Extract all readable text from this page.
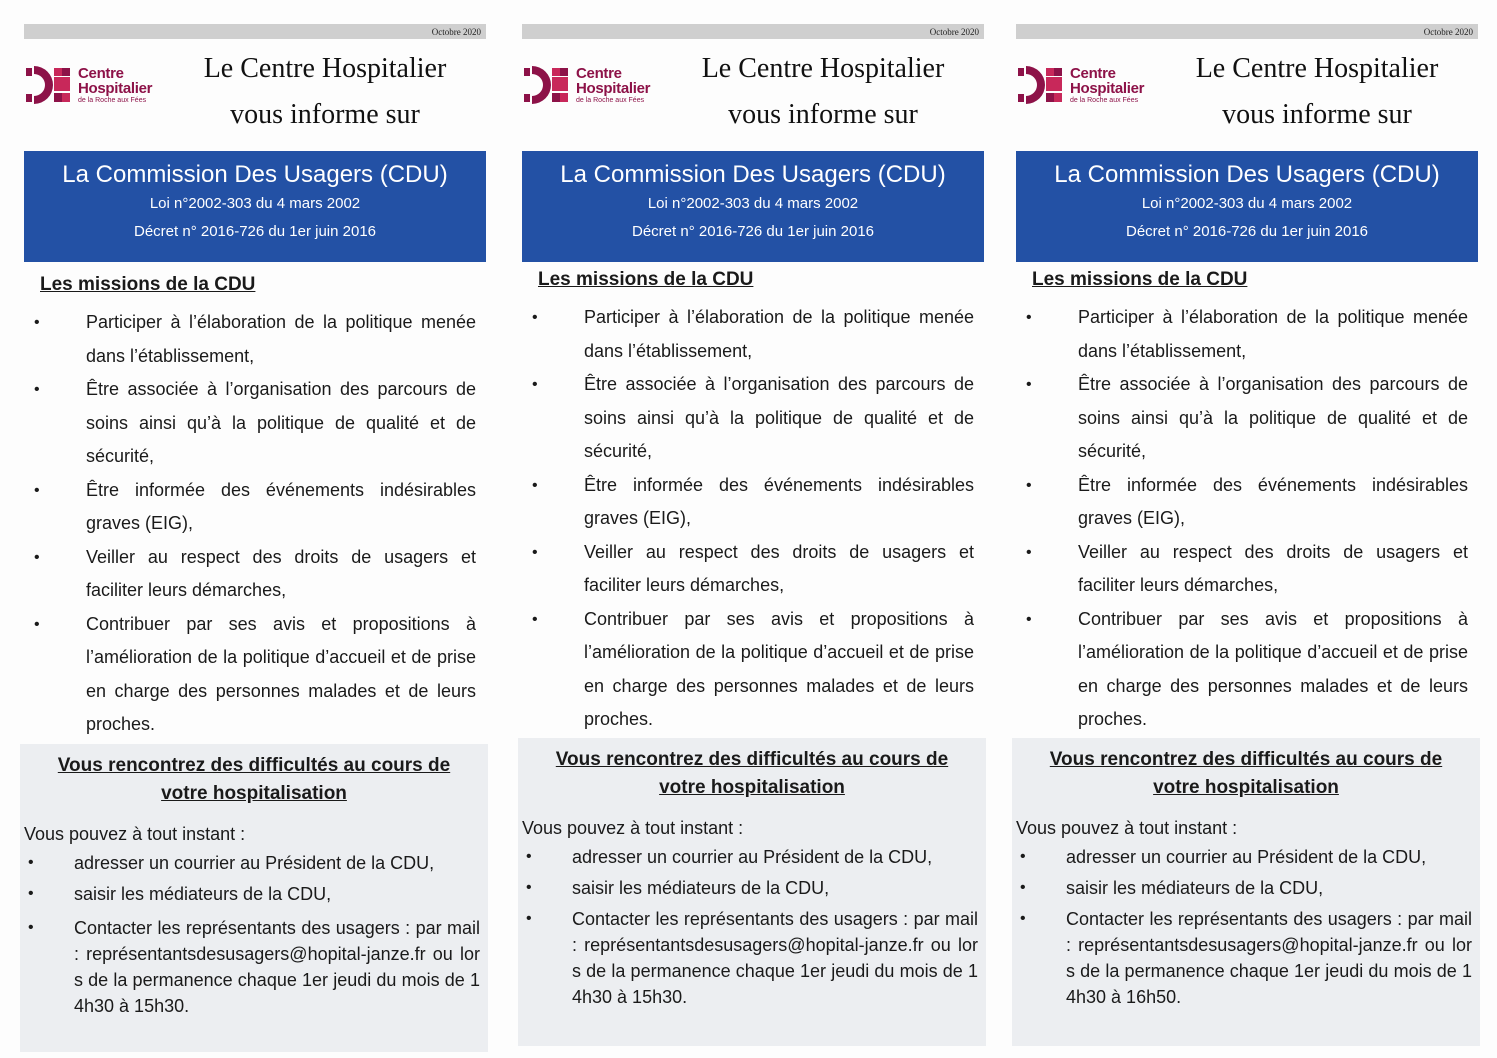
Octobre 2020
Centre
Hospitalier
de la Roche aux Fées
Le Centre Hospitalier
vous informe sur
La Commission Des Usagers (CDU)
Loi n°2002-303 du 4 mars 2002
Décret n° 2016-726 du 1er juin 2016
Les missions de la CDU
• Participer à l’élaboration de la politique menée dans l’établissement,
• Être associée à l’organisation des parcours de soins ainsi qu’à la politique de qualité et de sécurité,
• Être informée des événements indésirables graves (EIG),
• Veiller au respect des droits de usagers et faciliter leurs démarches,
• Contribuer par ses avis et propositions à l’amélioration de la politique d’accueil et de prise en charge des personnes malades et de leurs proches.
Vous rencontrez des difficultés au cours de
votre hospitalisation
Vous pouvez à tout instant :
• adresser un courrier au Président de la CDU,
• saisir les médiateurs de la CDU,
• Contacter les représentants des usagers : par mail : représentantsdesusagers@hopital-janze.fr ou lors de la permanence chaque 1er jeudi du mois de 14h30 à 15h30.
Octobre 2020
Centre
Hospitalier
de la Roche aux Fées
Le Centre Hospitalier
vous informe sur
La Commission Des Usagers (CDU)
Loi n°2002-303 du 4 mars 2002
Décret n° 2016-726 du 1er juin 2016
Les missions de la CDU
• Participer à l’élaboration de la politique menée dans l’établissement,
• Être associée à l’organisation des parcours de soins ainsi qu’à la politique de qualité et de sécurité,
• Être informée des événements indésirables graves (EIG),
• Veiller au respect des droits de usagers et faciliter leurs démarches,
• Contribuer par ses avis et propositions à l’amélioration de la politique d’accueil et de prise en charge des personnes malades et de leurs proches.
Vous rencontrez des difficultés au cours de
votre hospitalisation
Vous pouvez à tout instant :
• adresser un courrier au Président de la CDU,
• saisir les médiateurs de la CDU,
• Contacter les représentants des usagers : par mail : représentantsdesusagers@hopital-janze.fr ou lors de la permanence chaque 1er jeudi du mois de 14h30 à 15h30.
Octobre 2020
Centre
Hospitalier
de la Roche aux Fées
Le Centre Hospitalier
vous informe sur
La Commission Des Usagers (CDU)
Loi n°2002-303 du 4 mars 2002
Décret n° 2016-726 du 1er juin 2016
Les missions de la CDU
• Participer à l’élaboration de la politique menée dans l’établissement,
• Être associée à l’organisation des parcours de soins ainsi qu’à la politique de qualité et de sécurité,
• Être informée des événements indésirables graves (EIG),
• Veiller au respect des droits de usagers et faciliter leurs démarches,
• Contribuer par ses avis et propositions à l’amélioration de la politique d’accueil et de prise en charge des personnes malades et de leurs proches.
Vous rencontrez des difficultés au cours de
votre hospitalisation
Vous pouvez à tout instant :
• adresser un courrier au Président de la CDU,
• saisir les médiateurs de la CDU,
• Contacter les représentants des usagers : par mail : représentantsdesusagers@hopital-janze.fr ou lors de la permanence chaque 1er jeudi du mois de 14h30 à 16h50.
